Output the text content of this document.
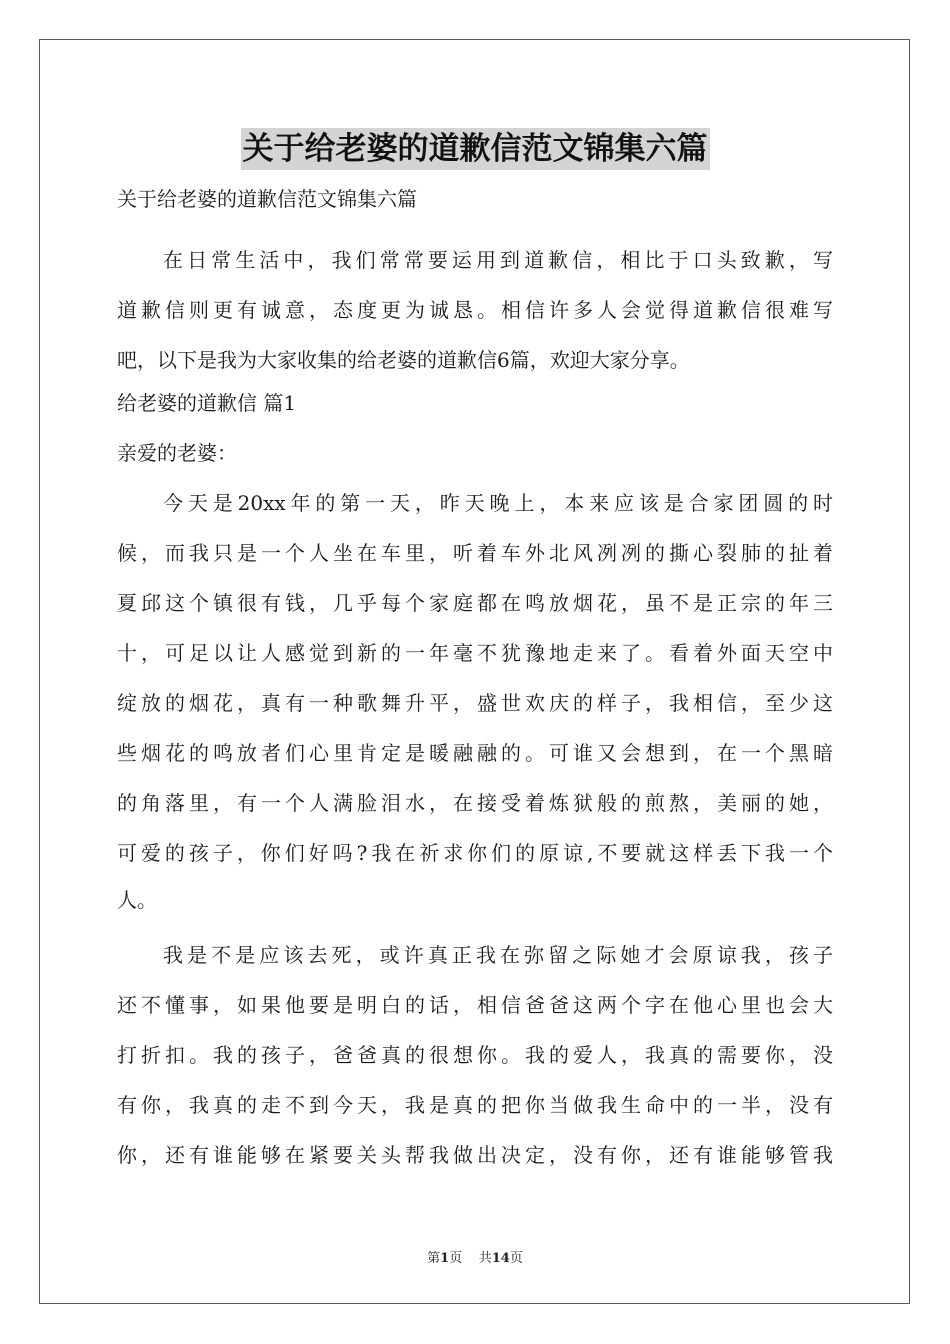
关于给老婆的道歉信范文锦集六篇
关于给老婆的道歉信范文锦集六篇
在日常生活中，我们常常要运用到道歉信，相比于口头致歉，写
道歉信则更有诚意，态度更为诚恳。相信许多人会觉得道歉信很难写
吧，以下是我为大家收集的给老婆的道歉信6篇，欢迎大家分享。
给老婆的道歉信 篇1
亲爱的老婆：
今天是20xx年的第一天，昨天晚上，本来应该是合家团圆的时
候，而我只是一个人坐在车里，听着车外北风冽冽的撕心裂肺的扯着
夏邱这个镇很有钱，几乎每个家庭都在鸣放烟花，虽不是正宗的年三
十，可足以让人感觉到新的一年毫不犹豫地走来了。看着外面天空中
绽放的烟花，真有一种歌舞升平，盛世欢庆的样子，我相信，至少这
些烟花的鸣放者们心里肯定是暖融融的。可谁又会想到，在一个黑暗
的角落里，有一个人满脸泪水，在接受着炼狱般的煎熬，美丽的她，
可爱的孩子，你们好吗?我在祈求你们的原谅,不要就这样丢下我一个
人。
我是不是应该去死，或许真正我在弥留之际她才会原谅我，孩子
还不懂事，如果他要是明白的话，相信爸爸这两个字在他心里也会大
打折扣。我的孩子，爸爸真的很想你。我的爱人，我真的需要你，没
有你，我真的走不到今天，我是真的把你当做我生命中的一半，没有
你，还有谁能够在紧要关头帮我做出决定，没有你，还有谁能够管我
第1页 共14页
